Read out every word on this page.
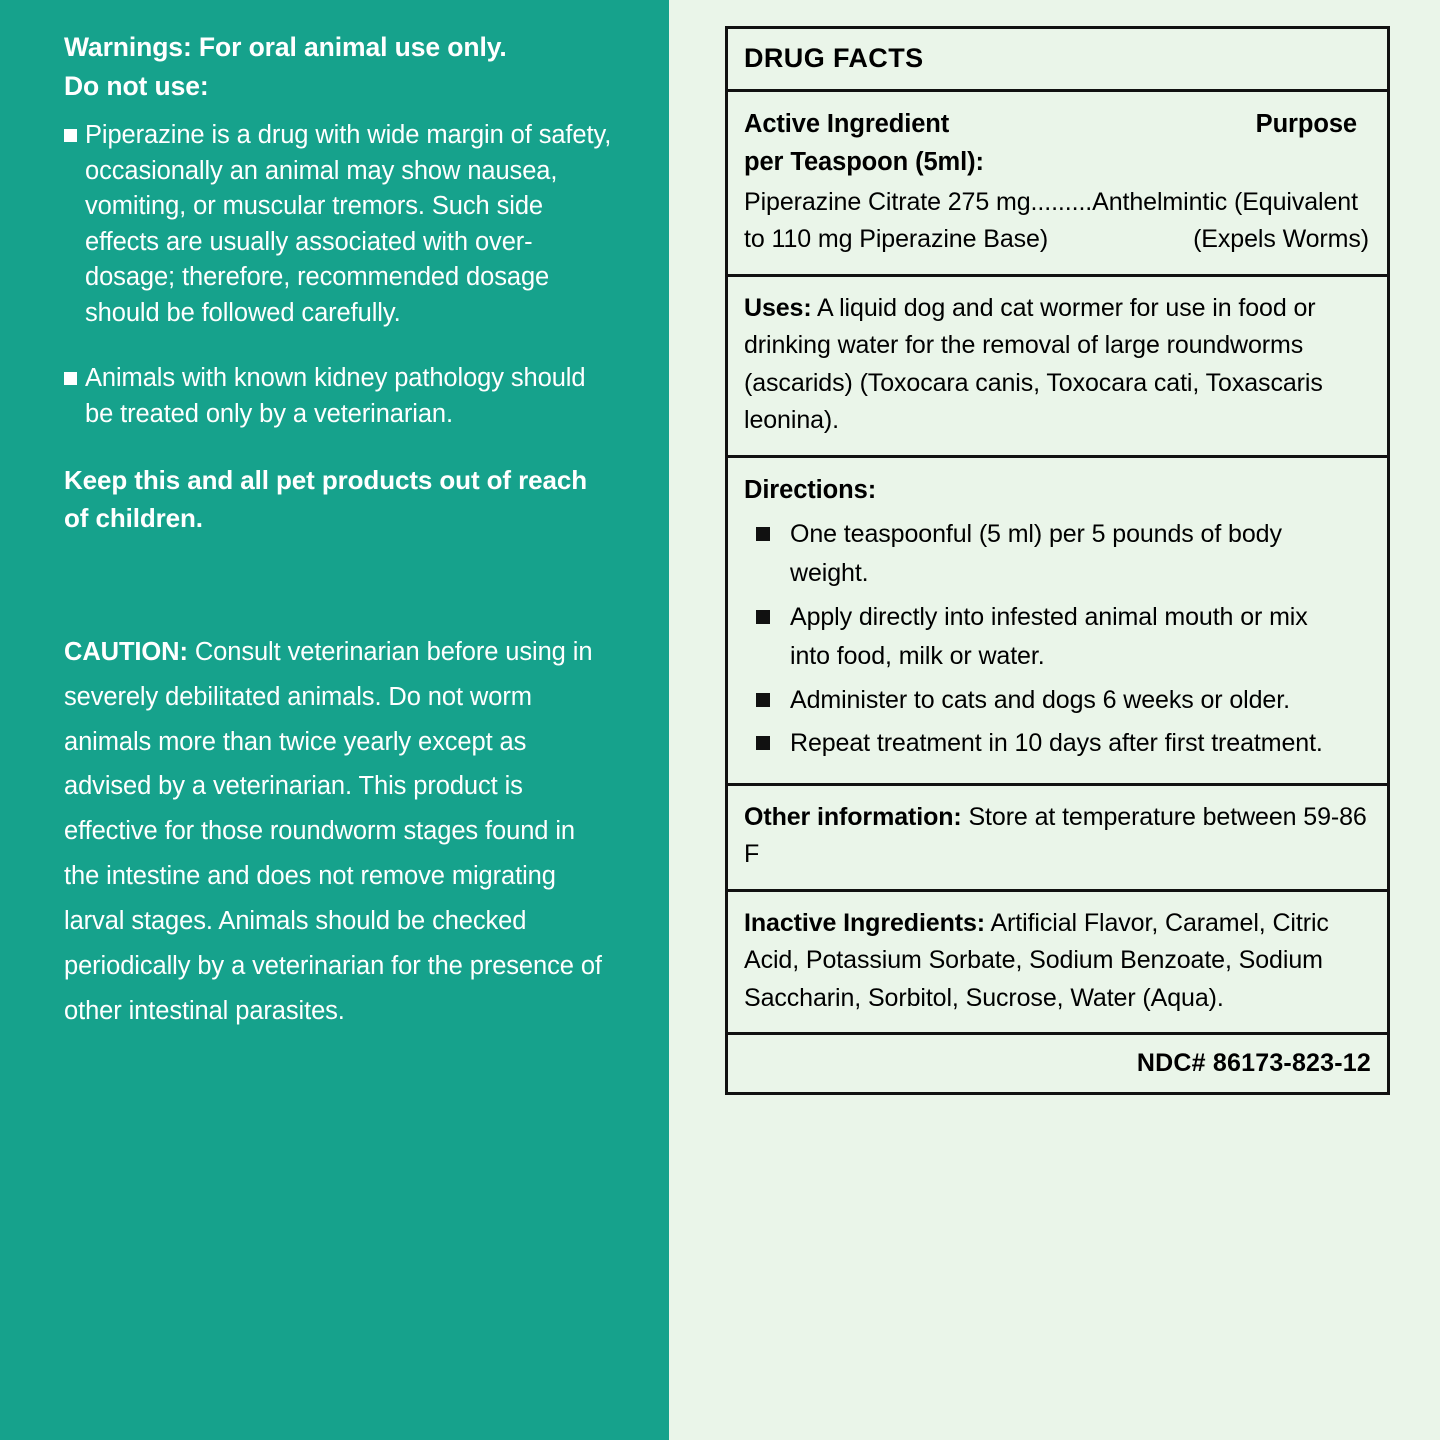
Warnings: For oral animal use only.
Do not use:
Piperazine is a drug with wide margin of safety, occasionally an animal may show nausea, vomiting, or muscular tremors. Such side effects are usually associated with over-dosage; therefore, recommended dosage should be followed carefully.
Animals with known kidney pathology should be treated only by a veterinarian.
Keep this and all pet products out of reach of children.
CAUTION: Consult veterinarian before using in severely debilitated animals. Do not worm animals more than twice yearly except as advised by a veterinarian. This product is effective for those roundworm stages found in the intestine and does not remove migrating larval stages. Animals should be checked periodically by a veterinarian for the presence of other intestinal parasites.
DRUG FACTS
Active Ingredient
per Teaspoon (5ml):
Purpose
Piperazine Citrate 275 mg.........Anthelmintic (Equivalent to 110 mg Piperazine Base)	(Expels Worms)
Uses: A liquid dog and cat wormer for use in food or drinking water for the removal of large roundworms (ascarids) (Toxocara canis, Toxocara cati, Toxascaris leonina).
Directions:
One teaspoonful (5 ml) per 5 pounds of body weight.
Apply directly into infested animal mouth or mix into food, milk or water.
Administer to cats and dogs 6 weeks or older.
Repeat treatment in 10 days after first treatment.
Other information: Store at temperature between 59-86 F
Inactive Ingredients: Artificial Flavor, Caramel, Citric Acid, Potassium Sorbate, Sodium Benzoate, Sodium Saccharin, Sorbitol, Sucrose, Water (Aqua).
NDC# 86173-823-12
